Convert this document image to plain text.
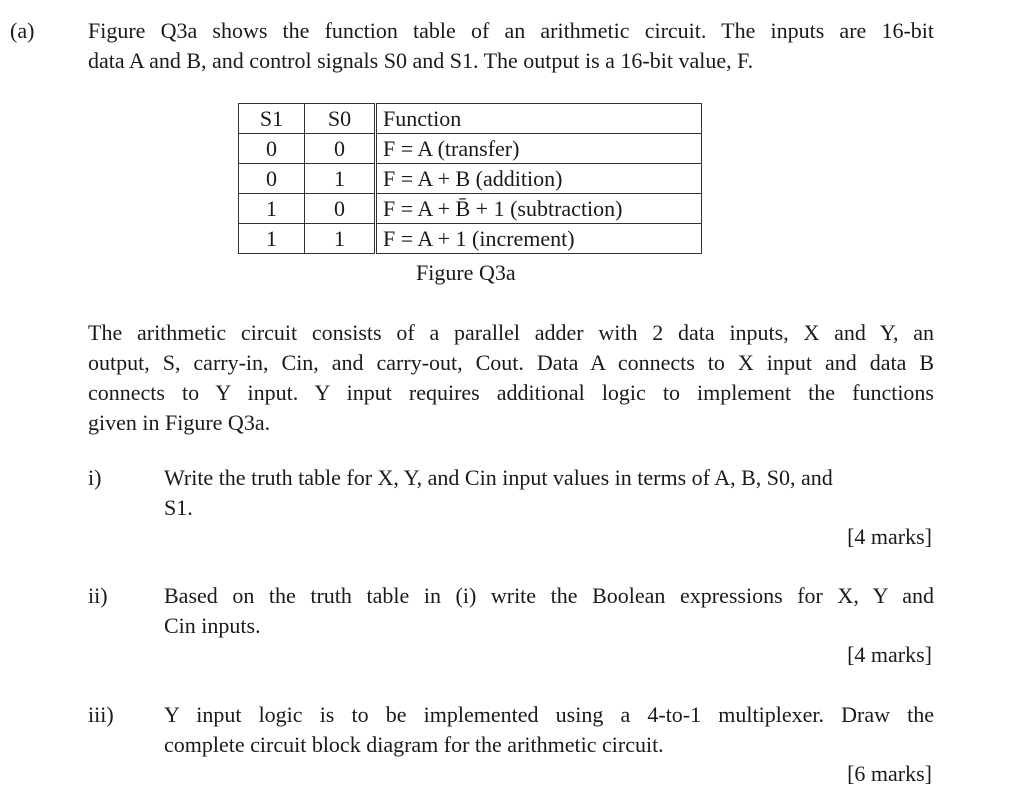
(a) Figure Q3a shows the function table of an arithmetic circuit. The inputs are 16-bit
data A and B, and control signals S0 and S1. The output is a 16-bit value, F.
S1	S0	Function
0	0	F = A (transfer)
0	1	F = A + B (addition)
1	0	F = A + B̄ + 1 (subtraction)
1	1	F = A + 1 (increment)
Figure Q3a
The arithmetic circuit consists of a parallel adder with 2 data inputs, X and Y, an
output, S, carry-in, Cin, and carry-out, Cout. Data A connects to X input and data B
connects to Y input. Y input requires additional logic to implement the functions
given in Figure Q3a.
i)	Write the truth table for X, Y, and Cin input values in terms of A, B, S0, and
S1.
[4 marks]
ii)	Based on the truth table in (i) write the Boolean expressions for X, Y and
Cin inputs.
[4 marks]
iii) Y input logic is to be implemented using a 4-to-1 multiplexer. Draw the
complete circuit block diagram for the arithmetic circuit.
[6 marks]
